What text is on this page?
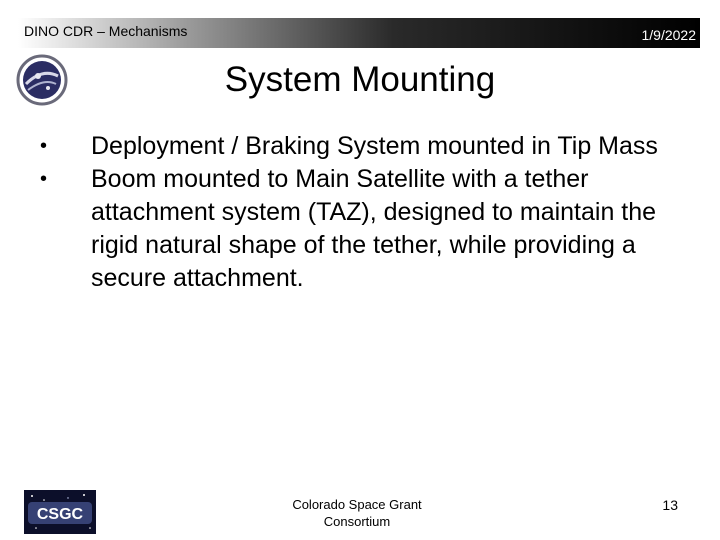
DINO CDR – Mechanisms	1/9/2022
System Mounting
• Deployment / Braking System mounted in Tip Mass
• Boom mounted to Main Satellite with a tether attachment system (TAZ), designed to maintain the rigid natural shape of the tether, while providing a secure attachment.
CSGC
Colorado Space Grant
Consortium
13
